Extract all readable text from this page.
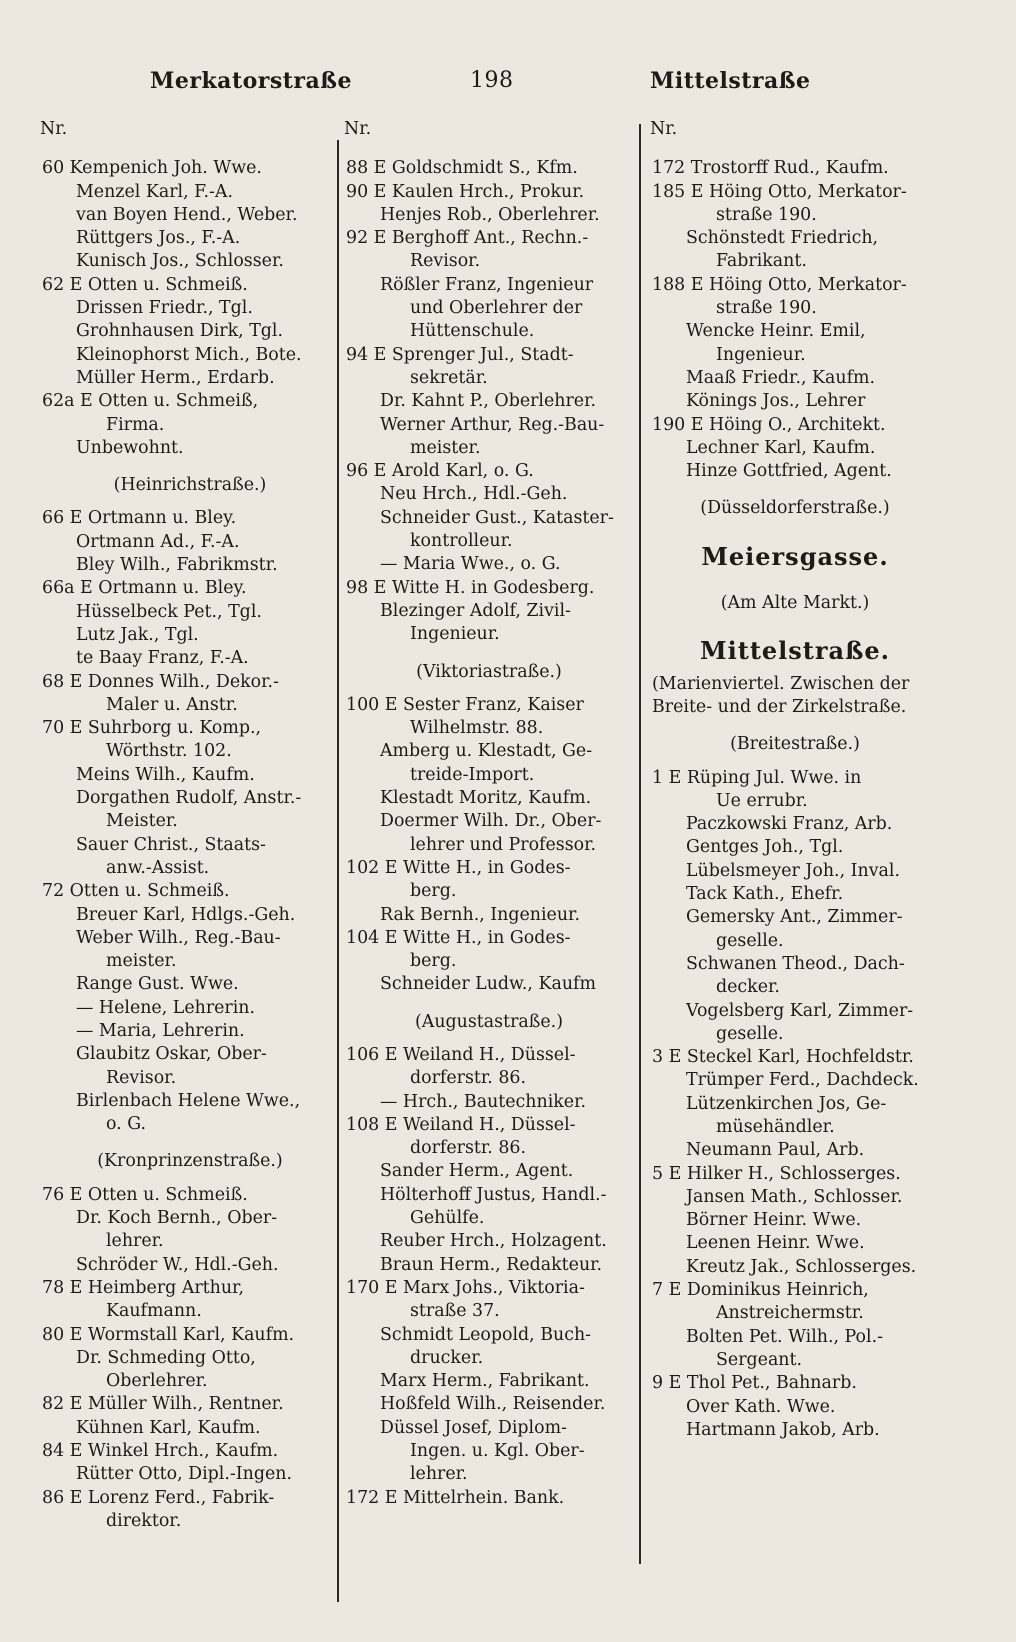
Merkatorstraße	198	Mittelstraße
Nr.
60 Kempenich Joh. Wwe.
Menzel Karl, F.-A.
van Boyen Hend., Weber.
Rüttgers Jos., F.-A.
Kunisch Jos., Schlosser.
62 E Otten u. Schmeiß.
Drissen Friedr., Tgl.
Grohnhausen Dirk, Tgl.
Kleinophorst Mich., Bote.
Müller Herm., Erdarb.
62a E Otten u. Schmeiß,
Firma.
Unbewohnt.
(Heinrichstraße.)
66 E Ortmann u. Bley.
Ortmann Ad., F.-A.
Bley Wilh., Fabrikmstr.
66a E Ortmann u. Bley.
Hüsselbeck Pet., Tgl.
Lutz Jak., Tgl.
te Baay Franz, F.-A.
68 E Donnes Wilh., Dekor.-
Maler u. Anstr.
70 E Suhrborg u. Komp.,
Wörthstr. 102.
Meins Wilh., Kaufm.
Dorgathen Rudolf, Anstr.-
Meister.
Sauer Christ., Staats-
anw.-Assist.
72 Otten u. Schmeiß.
Breuer Karl, Hdlgs.-Geh.
Weber Wilh., Reg.-Bau-
meister.
Range Gust. Wwe.
— Helene, Lehrerin.
— Maria, Lehrerin.
Glaubitz Oskar, Ober-
Revisor.
Birlenbach Helene Wwe.,
o. G.
(Kronprinzenstraße.)
76 E Otten u. Schmeiß.
Dr. Koch Bernh., Ober-
lehrer.
Schröder W., Hdl.-Geh.
78 E Heimberg Arthur,
Kaufmann.
80 E Wormstall Karl, Kaufm.
Dr. Schmeding Otto,
Oberlehrer.
82 E Müller Wilh., Rentner.
Kühnen Karl, Kaufm.
84 E Winkel Hrch., Kaufm.
Rütter Otto, Dipl.-Ingen.
86 E Lorenz Ferd., Fabrik-
direktor.
Nr.
88 E Goldschmidt S., Kfm.
90 E Kaulen Hrch., Prokur.
Henjes Rob., Oberlehrer.
92 E Berghoff Ant., Rechn.-
Revisor.
Rößler Franz, Ingenieur
und Oberlehrer der
Hüttenschule.
94 E Sprenger Jul., Stadt-
sekretär.
Dr. Kahnt P., Oberlehrer.
Werner Arthur, Reg.-Bau-
meister.
96 E Arold Karl, o. G.
Neu Hrch., Hdl.-Geh.
Schneider Gust., Kataster-
kontrolleur.
— Maria Wwe., o. G.
98 E Witte H. in Godesberg.
Blezinger Adolf, Zivil-
Ingenieur.
(Viktoriastraße.)
100 E Sester Franz, Kaiser
Wilhelmstr. 88.
Amberg u. Klestadt, Ge-
treide-Import.
Klestadt Moritz, Kaufm.
Doermer Wilh. Dr., Ober-
lehrer und Professor.
102 E Witte H., in Godes-
berg.
Rak Bernh., Ingenieur.
104 E Witte H., in Godes-
berg.
Schneider Ludw., Kaufm
(Augustastraße.)
106 E Weiland H., Düssel-
dorferstr. 86.
— Hrch., Bautechniker.
108 E Weiland H., Düssel-
dorferstr. 86.
Sander Herm., Agent.
Hölterhoff Justus, Handl.-
Gehülfe.
Reuber Hrch., Holzagent.
Braun Herm., Redakteur.
170 E Marx Johs., Viktoria-
straße 37.
Schmidt Leopold, Buch-
drucker.
Marx Herm., Fabrikant.
Hoßfeld Wilh., Reisender.
Düssel Josef, Diplom-
Ingen. u. Kgl. Ober-
lehrer.
172 E Mittelrhein. Bank.
Nr.
172 Trostorff Rud., Kaufm.
185 E Höing Otto, Merkator-
straße 190.
Schönstedt Friedrich,
Fabrikant.
188 E Höing Otto, Merkator-
straße 190.
Wencke Heinr. Emil,
Ingenieur.
Maaß Friedr., Kaufm.
Könings Jos., Lehrer
190 E Höing O., Architekt.
Lechner Karl, Kaufm.
Hinze Gottfried, Agent.
(Düsseldorferstraße.)
Meiersgasse.
(Am Alte Markt.)
Mittelstraße.
(Marienviertel. Zwischen der
Breite- und der Zirkelstraße.
(Breitestraße.)
1 E Rüping Jul. Wwe. in
Ue errubr.
Paczkowski Franz, Arb.
Gentges Joh., Tgl.
Lübelsmeyer Joh., Inval.
Tack Kath., Ehefr.
Gemersky Ant., Zimmer-
geselle.
Schwanen Theod., Dach-
decker.
Vogelsberg Karl, Zimmer-
geselle.
3 E Steckel Karl, Hochfeldstr.
Trümper Ferd., Dachdeck.
Lützenkirchen Jos, Ge-
müsehändler.
Neumann Paul, Arb.
5 E Hilker H., Schlosserges.
Jansen Math., Schlosser.
Börner Heinr. Wwe.
Leenen Heinr. Wwe.
Kreutz Jak., Schlosserges.
7 E Dominikus Heinrich,
Anstreichermstr.
Bolten Pet. Wilh., Pol.-
Sergeant.
9 E Thol Pet., Bahnarb.
Over Kath. Wwe.
Hartmann Jakob, Arb.
